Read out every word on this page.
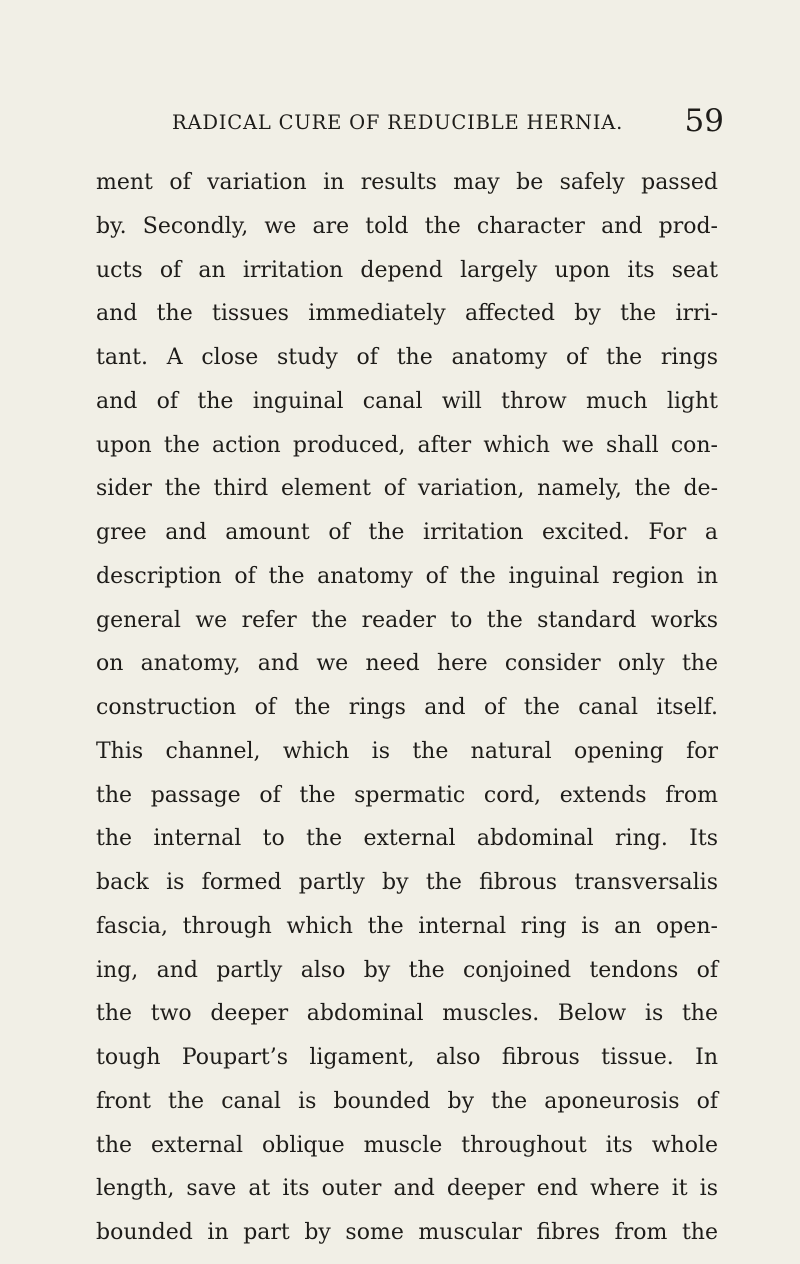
RADICAL CURE OF REDUCIBLE HERNIA. 59
ment of variation in results may be safely passed
by. Secondly, we are told the character and prod-
ucts of an irritation depend largely upon its seat
and the tissues immediately affected by the irri-
tant. A close study of the anatomy of the rings
and of the inguinal canal will throw much light
upon the action produced, after which we shall con-
sider the third element of variation, namely, the de-
gree and amount of the irritation excited. For a
description of the anatomy of the inguinal region in
general we refer the reader to the standard works
on anatomy, and we need here consider only the
construction of the rings and of the canal itself.
This channel, which is the natural opening for
the passage of the spermatic cord, extends from
the internal to the external abdominal ring. Its
back is formed partly by the fibrous transversalis
fascia, through which the internal ring is an open-
ing, and partly also by the conjoined tendons of
the two deeper abdominal muscles. Below is the
tough Poupart’s ligament, also fibrous tissue. In
front the canal is bounded by the aponeurosis of
the external oblique muscle throughout its whole
length, save at its outer and deeper end where it is
bounded in part by some muscular fibres from the
